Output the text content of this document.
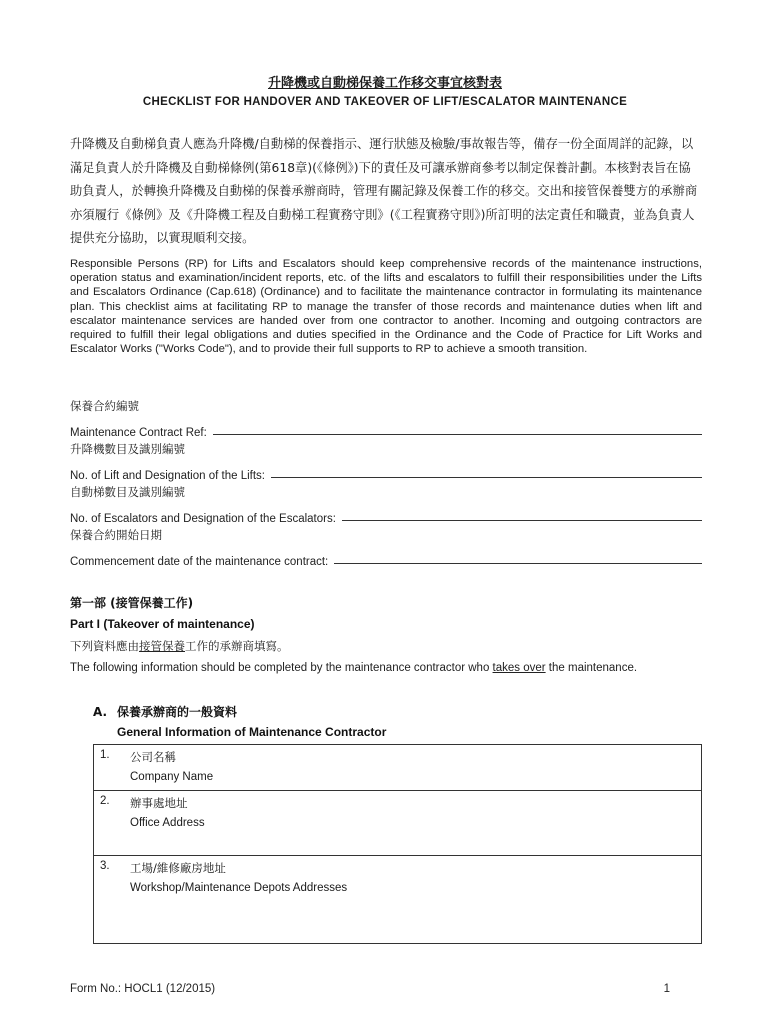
升降機或自動梯保養工作移交事宜核對表
CHECKLIST FOR HANDOVER AND TAKEOVER OF LIFT/ESCALATOR MAINTENANCE
升降機及自動梯負責人應為升降機/自動梯的保養指示、運行狀態及檢驗/事故報告等，備存一份全面周詳的記錄，以滿足負責人於升降機及自動梯條例(第618章)(《條例》)下的責任及可讓承辦商參考以制定保養計劃。本核對表旨在協助負責人，於轉換升降機及自動梯的保養承辦商時，管理有關記錄及保養工作的移交。交出和接管保養雙方的承辦商亦須履行《條例》及《升降機工程及自動梯工程實務守則》(《工程實務守則》)所訂明的法定責任和職責，並為負責人提供充分協助，以實現順利交接。
Responsible Persons (RP) for Lifts and Escalators should keep comprehensive records of the maintenance instructions, operation status and examination/incident reports, etc. of the lifts and escalators to fulfill their responsibilities under the Lifts and Escalators Ordinance (Cap.618) (Ordinance) and to facilitate the maintenance contractor in formulating its maintenance plan. This checklist aims at facilitating RP to manage the transfer of those records and maintenance duties when lift and escalator maintenance services are handed over from one contractor to another. Incoming and outgoing contractors are required to fulfill their legal obligations and duties specified in the Ordinance and the Code of Practice for Lift Works and Escalator Works ("Works Code"), and to provide their full supports to RP to achieve a smooth transition.
保養合約編號
Maintenance Contract Ref:
升降機數目及識別編號
No. of Lift and Designation of the Lifts:
自動梯數目及識別編號
No. of Escalators and Designation of the Escalators:
保養合約開始日期
Commencement date of the maintenance contract:
第一部 (接管保養工作)
Part I (Takeover of maintenance)
下列資料應由接管保養工作的承辦商填寫。
The following information should be completed by the maintenance contractor who takes over the maintenance.
A. 保養承辦商的一般資料
General Information of Maintenance Contractor
1. 公司名稱
Company Name
2. 辦事處地址
Office Address
3. 工場/維修廠房地址
Workshop/Maintenance Depots Addresses
Form No.: HOCL1 (12/2015)	1
